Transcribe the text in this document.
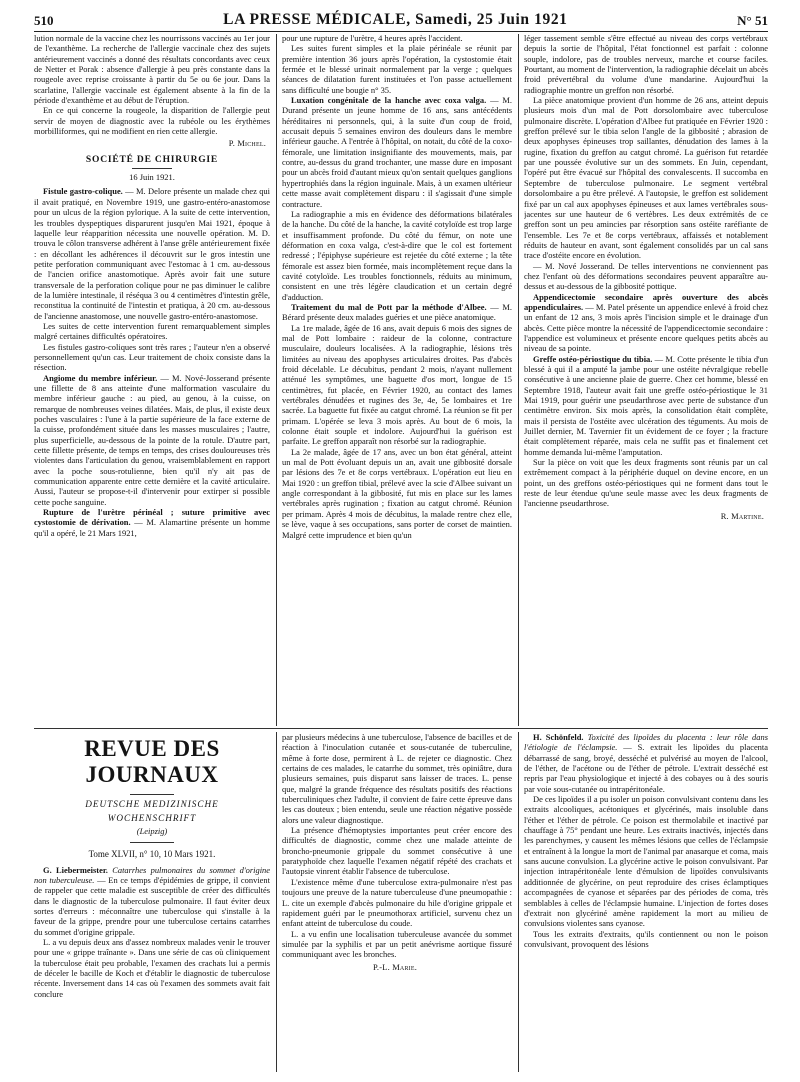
510	LA PRESSE MÉDICALE, Samedi, 25 Juin 1921	N° 51

lution normale de la vaccine chez les nourrissons vaccinés au 1er jour de l'exanthème. La recherche de l'allergie vaccinale chez des sujets antérieurement vaccinés a donné des résultats concordants avec ceux de Netter et Porak : absence d'allergie à peu près constante dans la rougeole avec reprise croissante à partir du 5e ou 6e jour. Dans la scarlatine, l'allergie vaccinale est également absente à la fin de la période d'exanthème et au début de l'éruption.

En ce qui concerne la rougeole, la disparition de l'allergie peut servir de moyen de diagnostic avec la rubéole ou les érythèmes morbilliformes, qui ne modifient en rien cette allergie.

P. Michel.
SOCIÉTÉ DE CHIRURGIE
16 Juin 1921.

Fistule gastro-colique. — M. Delore présente un malade chez qui il avait pratiqué, en Novembre 1919, une gastro-entéro-anastomose pour un ulcus de la région pylorique. A la suite de cette intervention, les troubles dyspeptiques disparurent jusqu'en Mai 1921, époque à laquelle leur réapparition nécessita une nouvelle opération. M. D. trouva le côlon transverse adhérent à l'anse grêle antérieurement fixée : en décollant les adhérences il découvrit sur le gros intestin une petite perforation communiquant avec l'estomac à 1 cm. au-dessous de l'ancien orifice anastomotique. Après avoir fait une suture transversale de la perforation colique pour ne pas diminuer le calibre de la lumière intestinale, il réséqua 3 ou 4 centimètres d'intestin grêle, reconstitua la continuité de l'intestin et pratiqua, à 20 cm. au-dessous de l'ancienne anastomose, une nouvelle gastro-entéro-anastomose.

Les suites de cette intervention furent remarquablement simples malgré certaines difficultés opératoires.

Les fistules gastro-coliques sont très rares ; l'auteur n'en a observé personnellement qu'un cas. Leur traitement de choix consiste dans la résection.

Angiome du membre inférieur. — M. Nové-Josserand présente une fillette de 8 ans atteinte d'une malformation vasculaire du membre inférieur gauche : au pied, au genou, à la cuisse, on remarque de nombreuses veines dilatées. Mais, de plus, il existe deux poches vasculaires : l'une à la partie supérieure de la face externe de la cuisse, profondément située dans les masses musculaires ; l'autre, plus superficielle, au-dessous de la pointe de la rotule. D'autre part, cette fillette présente, de temps en temps, des crises douloureuses très violentes dans l'articulation du genou, vraisemblablement en rapport avec la poche sous-rotulienne, bien qu'il n'y ait pas de communication apparente entre cette dernière et la cavité articulaire. Aussi, l'auteur se propose-t-il d'intervenir pour extirper si possible cette poche sanguine.

Rupture de l'urètre périnéal ; suture primitive avec cystostomie de dérivation. — M. Alamartine présente un homme qu'il a opéré, le 21 Mars 1921,

pour une rupture de l'urètre, 4 heures après l'accident.

Les suites furent simples et la plaie périnéale se réunit par première intention 36 jours après l'opération, la cystostomie était fermée et le blessé urinait normalement par la verge ; quelques séances de dilatation furent instituées et l'on passe actuellement sans difficulté une bougie n° 35.

Luxation congénitale de la hanche avec coxa valga. — M. Durand présente un jeune homme de 16 ans, sans antécédents héréditaires ni personnels, qui, à la suite d'un coup de froid, accusait depuis 5 semaines environ des douleurs dans le membre inférieur gauche. A l'entrée à l'hôpital, on notait, du côté de la coxo-fémorale, une limitation insignifiante des mouvements, mais, par contre, au-dessus du grand trochanter, une masse dure en imposant pour un abcès froid d'autant mieux qu'on sentait quelques ganglions hypertrophiés dans la région inguinale. Mais, à un examen ultérieur cette masse avait complètement disparu : il s'agissait d'une simple contracture.

La radiographie a mis en évidence des déformations bilatérales de la hanche. Du côté de la hanche, la cavité cotyloïde est trop large et insuffisamment profonde. Du côté du fémur, on note une déformation en coxa valga, c'est-à-dire que le col est fortement redressé ; l'épiphyse supérieure est rejetée du côté externe ; la tête fémorale est assez bien formée, mais incomplètement reçue dans la cavité cotyloïde. Les troubles fonctionnels, réduits au minimum, consistent en une très légère claudication et un certain degré d'adduction.

Traitement du mal de Pott par la méthode d'Albee. — M. Bérard présente deux malades guéries et une pièce anatomique.

La 1re malade, âgée de 16 ans, avait depuis 6 mois des signes de mal de Pott lombaire : raideur de la colonne, contracture musculaire, douleurs localisées. A la radiographie, lésions très limitées au niveau des apophyses articulaires droites. Pas d'abcès froid décelable. Le décubitus, pendant 2 mois, n'ayant nullement atténué les symptômes, une baguette d'os mort, longue de 15 centimètres, fut placée, en Février 1920, au contact des lames vertébrales dénudées et rugines des 3e, 4e, 5e lombaires et 1re sacrée. La baguette fut fixée au catgut chromé. La réunion se fit per primam. L'opérée se leva 3 mois après. Au bout de 6 mois, la colonne était souple et indolore. Aujourd'hui la guérison est parfaite. Le greffon apparaît non résorbé sur la radiographie.

La 2e malade, âgée de 17 ans, avec un bon état général, atteint un mal de Pott évoluant depuis un an, avait une gibbosité dorsale par lésions des 7e et 8e corps vertébraux. L'opération eut lieu en Mai 1920 : un greffon tibial, prélevé avec la scie d'Albee suivant un angle correspondant à la gibbosité, fut mis en place sur les lames vertébrales après rugination ; fixation au catgut chromé. Réunion per primam. Après 4 mois de décubitus, la malade rentre chez elle, se lève, vaque à ses occupations, sans porter de corset de maintien. Malgré cette imprudence et bien qu'un

léger tassement semble s'être effectué au niveau des corps vertébraux depuis la sortie de l'hôpital, l'état fonctionnel est parfait : colonne souple, indolore, pas de troubles nerveux, marche et course faciles. Pourtant, au moment de l'intervention, la radiographie décelait un abcès froid prévertébral du volume d'une mandarine. Aujourd'hui la radiographie montre un greffon non résorbé.

La pièce anatomique provient d'un homme de 26 ans, atteint depuis plusieurs mois d'un mal de Pott dorsolombaire avec tuberculose pulmonaire discrète. L'opération d'Albee fut pratiquée en Février 1920 : greffon prélevé sur le tibia selon l'angle de la gibbosité ; abrasion de deux apophyses épineuses trop saillantes, dénudation des lames à la rugine, fixation du greffon au catgut chromé. La guérison fut retardée par une poussée évolutive sur un des sommets. En Juin, cependant, l'opéré put être évacué sur l'hôpital des convalescents. Il succomba en Septembre de tuberculose pulmonaire. Le segment vertébral dorsolombaire a pu être prélevé. A l'autopsie, le greffon est solidement fixé par un cal aux apophyses épineuses et aux lames vertébrales sous-jacentes sur une hauteur de 6 vertèbres. Les deux extrémités de ce greffon sont un peu amincies par résorption sans ostéite raréfiante de l'ensemble. Les 7e et 8e corps vertébraux, affaissés et notablement réduits de hauteur en avant, sont également consolidés par un cal sans trace d'ostéite encore en évolution.

— M. Nové Josserand. De telles interventions ne conviennent pas chez l'enfant où des déformations secondaires peuvent apparaître au-dessus et au-dessous de la gibbosité pottique.

Appendicectomie secondaire après ouverture des abcès appendiculaires. — M. Patel présente un appendice enlevé à froid chez un enfant de 12 ans, 3 mois après l'incision simple et le drainage d'un abcès. Cette pièce montre la nécessité de l'appendicectomie secondaire : l'appendice est volumineux et présente encore quelques petits abcès au niveau de sa pointe.

Greffe ostéo-périostique du tibia. — M. Cotte présente le tibia d'un blessé à qui il a amputé la jambe pour une ostéite névralgique rebelle consécutive à une ancienne plaie de guerre. Chez cet homme, blessé en Septembre 1918, l'auteur avait fait une greffe ostéo-périostique le 31 Mai 1919, pour guérir une pseudarthrose avec perte de substance d'un centimètre environ. Six mois après, la consolidation était complète, mais il persista de l'ostéite avec ulcération des téguments. Au mois de Juillet dernier, M. Tavernier fit un évidement de ce foyer ; la fracture était complètement réparée, mais cela ne suffit pas et finalement cet homme demanda lui-même l'amputation.

Sur la pièce on voit que les deux fragments sont réunis par un cal extrêmement compact à la périphérie duquel on devine encore, en un point, un des greffons ostéo-périostiques qui ne forment dans tout le reste de leur étendue qu'une seule masse avec les deux fragments de l'ancienne pseudarthrose.

R. Martine.
REVUE DES JOURNAUX
DEUTSCHE MEDIZINISCHE
WOCHENSCHRIFT
(Leipzig)
Tome XLVII, n° 10, 10 Mars 1921.

G. Liebermeister. Catarrhes pulmonaires du sommet d'origine non tuberculeuse. — En ce temps d'épidémies de grippe, il convient de rappeler que cette maladie est susceptible de créer des difficultés dans le diagnostic de la tuberculose pulmonaire. Il faut éviter deux sortes d'erreurs : méconnaître une tuberculose qui s'installe à la faveur de la grippe, prendre pour une tuberculose certains catarrhes du sommet d'origine grippale.

L. a vu depuis deux ans d'assez nombreux malades venir le trouver pour une « grippe traînante ». Dans une série de cas où cliniquement la tuberculose était peu probable, l'examen des crachats lui a permis de déceler le bacille de Koch et d'établir le diagnostic de tuberculose récente. Inversement dans 14 cas où l'examen des sommets avait fait conclure

par plusieurs médecins à une tuberculose, l'absence de bacilles et de réaction à l'inoculation cutanée et sous-cutanée de tuberculine, même à forte dose, permirent à L. de rejeter ce diagnostic. Chez certains de ces malades, le catarrhe du sommet, très opiniâtre, dura plusieurs semaines, puis disparut sans laisser de traces. L. pense que, malgré la grande fréquence des résultats positifs des réactions tuberculiniques chez l'adulte, il convient de faire cette épreuve dans les cas douteux ; bien entendu, seule une réaction négative possède alors une valeur diagnostique.

La présence d'hémoptysies importantes peut créer encore des difficultés de diagnostic, comme chez une malade atteinte de broncho-pneumonie grippale du sommet consécutive à une paratyphoïde chez laquelle l'examen négatif répété des crachats et l'autopsie vinrent établir l'absence de tuberculose.

L'existence même d'une tuberculose extra-pulmonaire n'est pas toujours une preuve de la nature tuberculeuse d'une pneumopathie : L. cite un exemple d'abcès pulmonaire du hile d'origine grippale et rapidement guéri par le pneumothorax artificiel, survenu chez un enfant atteint de tuberculose du coude.

L. a vu enfin une localisation tuberculeuse avancée du sommet simulée par la syphilis et par un petit anévrisme aortique fissuré communiquant avec les bronches.

P.-L. Marie.

H. Schönfeld. Toxicité des lipoïdes du placenta : leur rôle dans l'étiologie de l'éclampsie. — S. extrait les lipoïdes du placenta débarrassé de sang, broyé, desséché et pulvérisé au moyen de l'alcool, de l'éther, de l'acétone ou de l'éther de pétrole. L'extrait desséché est repris par l'eau physiologique et injecté à des cobayes ou à des souris par voie sous-cutanée ou intrapéritonéale.

De ces lipoïdes il a pu isoler un poison convulsivant contenu dans les extraits alcooliques, acétoniques et glycérinés, mais insoluble dans l'éther et l'éther de pétrole. Ce poison est thermolabile et inactivé par chauffage à 75° pendant une heure. Les extraits inactivés, injectés dans les parenchymes, y causent les mêmes lésions que celles de l'éclampsie et entraînent à la longue la mort de l'animal par anasarque et coma, mais sans aucune convulsion. La glycérine active le poison convulsivant. Par injection intrapéritonéale lente d'émulsion de lipoïdes convulsivants additionnée de glycérine, on peut reproduire des crises éclamptiques accompagnées de cyanose et séparées par des périodes de coma, très semblables à celles de l'éclampsie humaine. L'injection de fortes doses d'extrait non glycériné amène rapidement la mort au milieu de convulsions violentes sans cyanose.

Tous les extraits d'extraits, qu'ils contiennent ou non le poison convulsivant, provoquent des lésions
